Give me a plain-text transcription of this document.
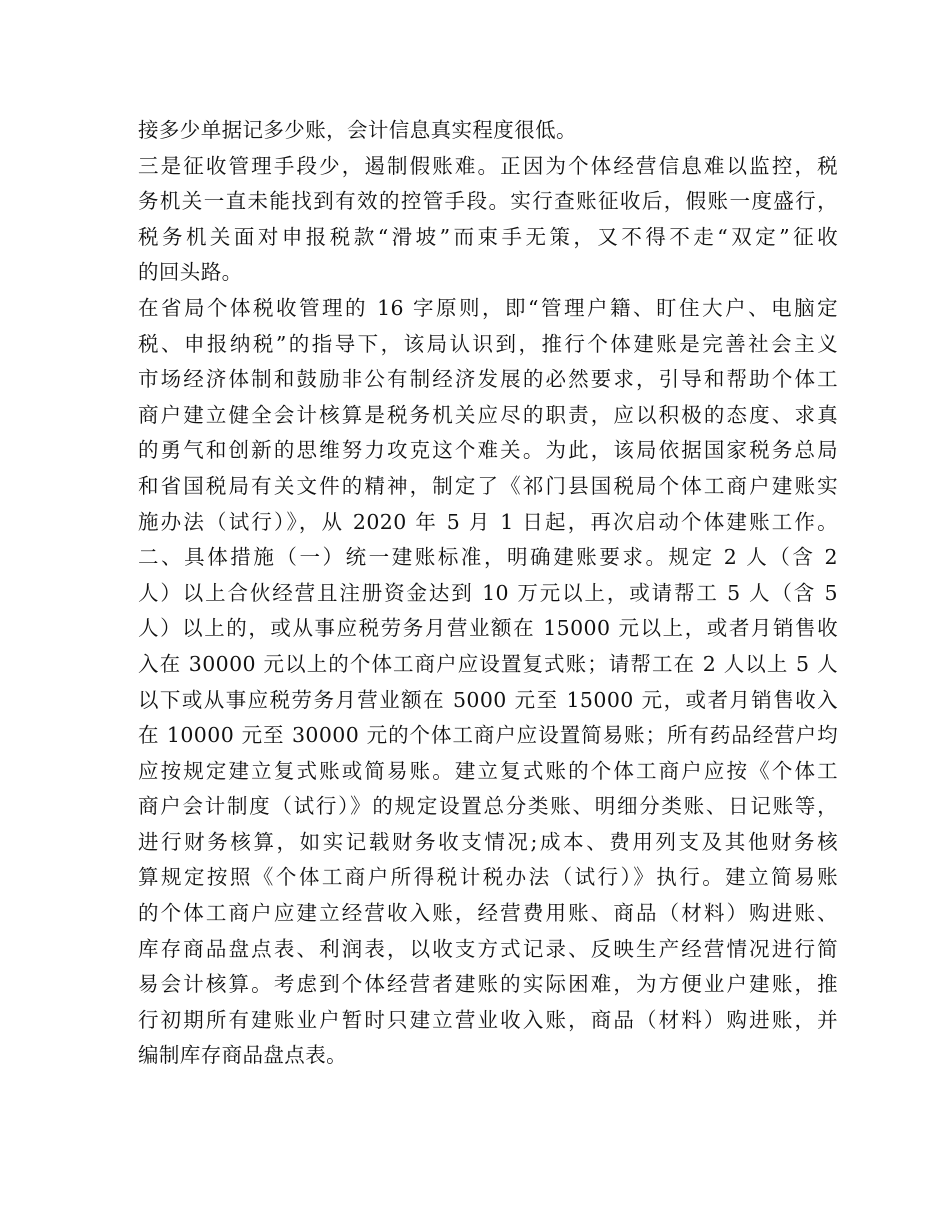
接多少单据记多少账，会计信息真实程度很低。
三是征收管理手段少，遏制假账难。正因为个体经营信息难以监控，税
务机关一直未能找到有效的控管手段。实行查账征收后，假账一度盛行，
税务机关面对申报税款“滑坡”而束手无策，又不得不走“双定”征收
的回头路。
在省局个体税收管理的 16 字原则，即“管理户籍、盯住大户、电脑定
税、申报纳税”的指导下，该局认识到，推行个体建账是完善社会主义
市场经济体制和鼓励非公有制经济发展的必然要求，引导和帮助个体工
商户建立健全会计核算是税务机关应尽的职责，应以积极的态度、求真
的勇气和创新的思维努力攻克这个难关。为此，该局依据国家税务总局
和省国税局有关文件的精神，制定了《祁门县国税局个体工商户建账实
施办法（试行）》，从 2020 年 5 月 1 日起，再次启动个体建账工作。
二、具体措施（一）统一建账标准，明确建账要求。规定 2 人（含 2
人）以上合伙经营且注册资金达到 10 万元以上，或请帮工 5 人（含 5
人）以上的，或从事应税劳务月营业额在 15000 元以上，或者月销售收
入在 30000 元以上的个体工商户应设置复式账；请帮工在 2 人以上 5 人
以下或从事应税劳务月营业额在 5000 元至 15000 元，或者月销售收入
在 10000 元至 30000 元的个体工商户应设置简易账；所有药品经营户均
应按规定建立复式账或简易账。建立复式账的个体工商户应按《个体工
商户会计制度（试行）》的规定设置总分类账、明细分类账、日记账等，
进行财务核算，如实记载财务收支情况;成本、费用列支及其他财务核
算规定按照《个体工商户所得税计税办法（试行）》执行。建立简易账
的个体工商户应建立经营收入账，经营费用账、商品（材料）购进账、
库存商品盘点表、利润表，以收支方式记录、反映生产经营情况进行简
易会计核算。考虑到个体经营者建账的实际困难，为方便业户建账，推
行初期所有建账业户暂时只建立营业收入账，商品（材料）购进账，并
编制库存商品盘点表。
